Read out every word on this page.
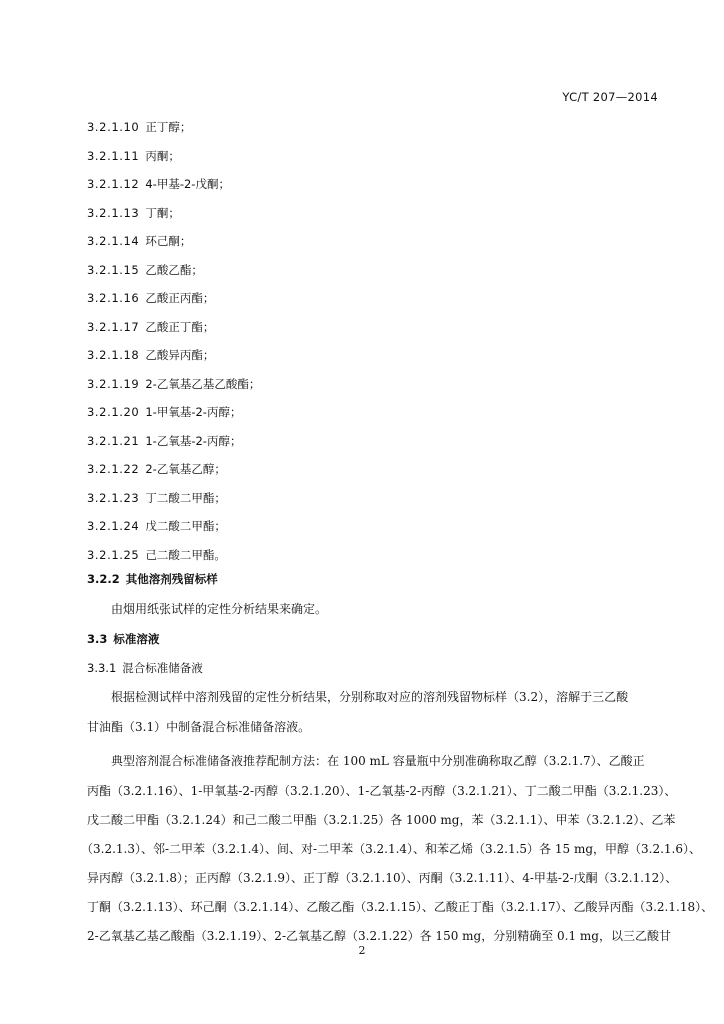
YC/T 207—2014
3.2.1.10 正丁醇；
3.2.1.11 丙酮；
3.2.1.12 4-甲基-2-戊酮；
3.2.1.13 丁酮；
3.2.1.14 环己酮；
3.2.1.15 乙酸乙酯；
3.2.1.16 乙酸正丙酯；
3.2.1.17 乙酸正丁酯；
3.2.1.18 乙酸异丙酯；
3.2.1.19 2-乙氧基乙基乙酸酯；
3.2.1.20 1-甲氧基-2-丙醇；
3.2.1.21 1-乙氧基-2-丙醇；
3.2.1.22 2-乙氧基乙醇；
3.2.1.23 丁二酸二甲酯；
3.2.1.24 戊二酸二甲酯；
3.2.1.25 己二酸二甲酯。
3.2.2 其他溶剂残留标样
由烟用纸张试样的定性分析结果来确定。
3.3 标准溶液
3.3.1 混合标准储备液
根据检测试样中溶剂残留的定性分析结果，分别称取对应的溶剂残留物标样（3.2），溶解于三乙酸
甘油酯（3.1）中制备混合标准储备溶液。
典型溶剂混合标准储备液推荐配制方法：在 100 mL 容量瓶中分别准确称取乙醇（3.2.1.7）、乙酸正
丙酯（3.2.1.16）、1-甲氧基-2-丙醇（3.2.1.20）、1-乙氧基-2-丙醇（3.2.1.21）、丁二酸二甲酯（3.2.1.23）、
戊二酸二甲酯（3.2.1.24）和己二酸二甲酯（3.2.1.25）各 1000 mg，苯（3.2.1.1）、甲苯（3.2.1.2）、乙苯
（3.2.1.3）、邻-二甲苯（3.2.1.4）、间、对-二甲苯（3.2.1.4）、和苯乙烯（3.2.1.5）各 15 mg，甲醇（3.2.1.6）、
异丙醇（3.2.1.8）；正丙醇（3.2.1.9）、正丁醇（3.2.1.10）、丙酮（3.2.1.11）、4-甲基-2-戊酮（3.2.1.12）、
丁酮（3.2.1.13）、环己酮（3.2.1.14）、乙酸乙酯（3.2.1.15）、乙酸正丁酯（3.2.1.17）、乙酸异丙酯（3.2.1.18）、
2-乙氧基乙基乙酸酯（3.2.1.19）、2-乙氧基乙醇（3.2.1.22）各 150 mg，分别精确至 0.1 mg，以三乙酸甘
2
